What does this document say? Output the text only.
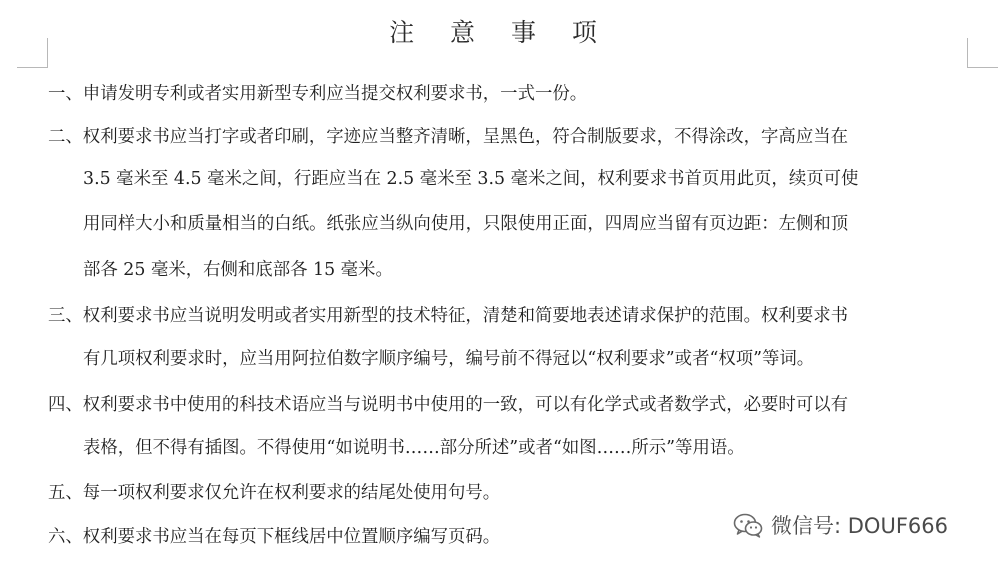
注 意 事 项
一、申请发明专利或者实用新型专利应当提交权利要求书，一式一份。
二、权利要求书应当打字或者印刷，字迹应当整齐清晰，呈黑色，符合制版要求，不得涂改，字高应当在
3.5 毫米至 4.5 毫米之间，行距应当在 2.5 毫米至 3.5 毫米之间，权利要求书首页用此页，续页可使
用同样大小和质量相当的白纸。纸张应当纵向使用，只限使用正面，四周应当留有页边距：左侧和顶
部各 25 毫米，右侧和底部各 15 毫米。
三、权利要求书应当说明发明或者实用新型的技术特征，清楚和简要地表述请求保护的范围。权利要求书
有几项权利要求时，应当用阿拉伯数字顺序编号，编号前不得冠以“权利要求”或者“权项”等词。
四、权利要求书中使用的科技术语应当与说明书中使用的一致，可以有化学式或者数学式，必要时可以有
表格，但不得有插图。不得使用“如说明书……部分所述”或者“如图……所示”等用语。
五、每一项权利要求仅允许在权利要求的结尾处使用句号。
六、权利要求书应当在每页下框线居中位置顺序编写页码。	微信号: DOUF666
